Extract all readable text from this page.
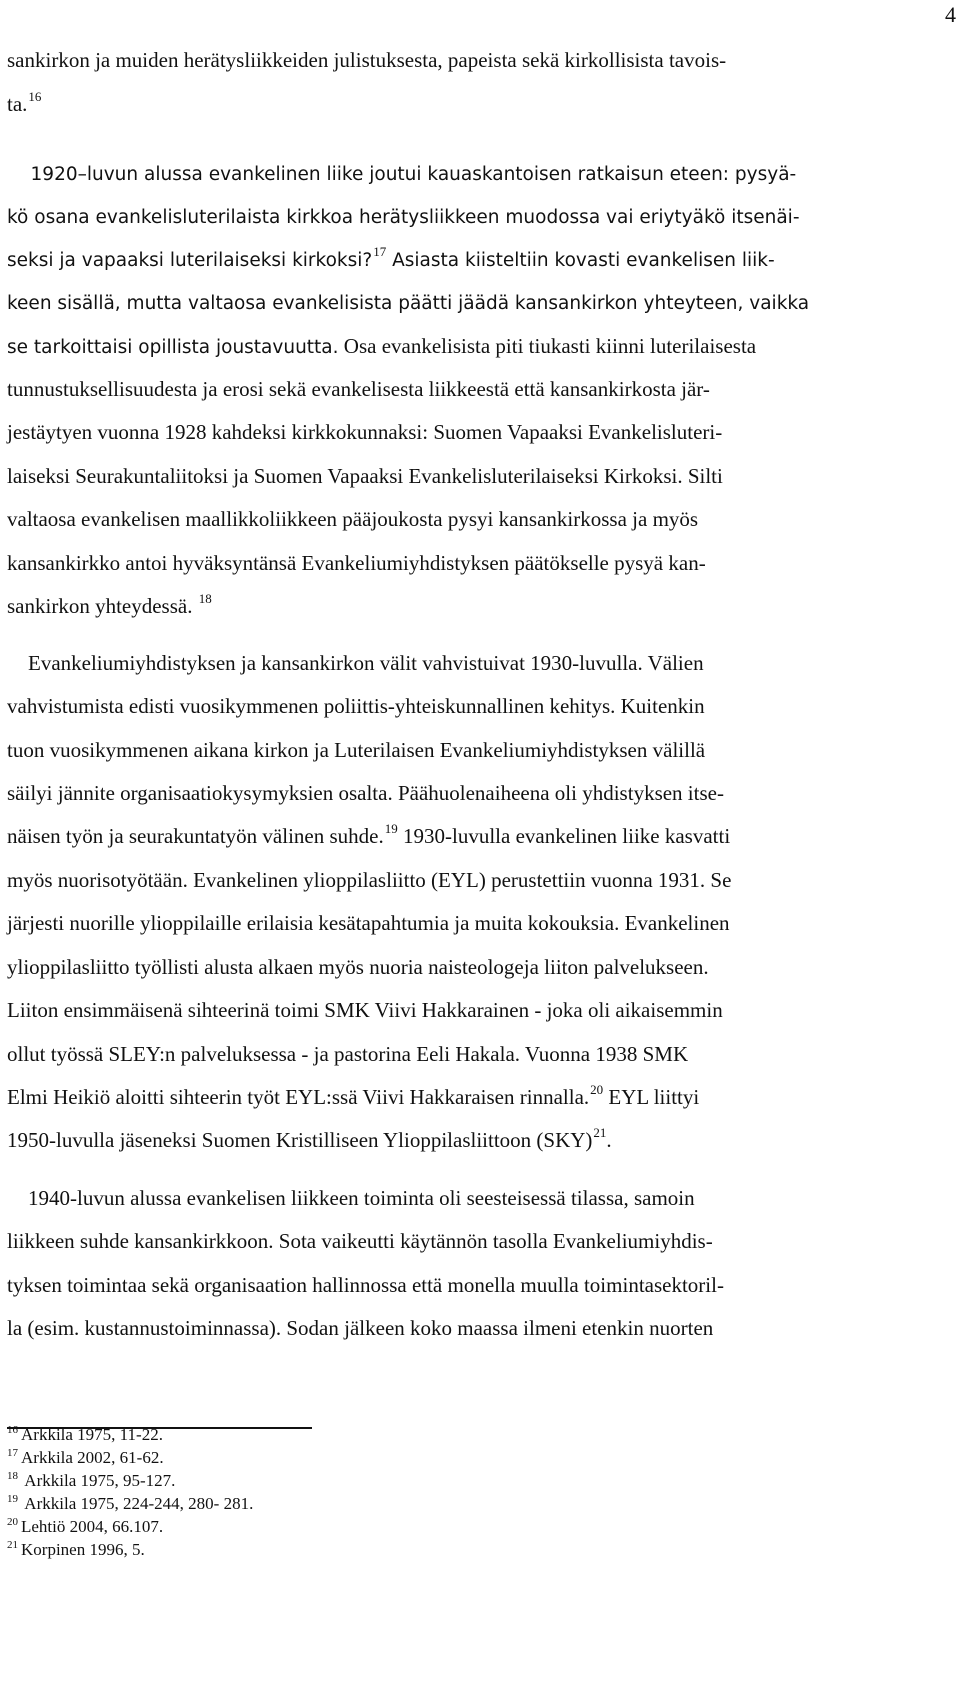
4
sankirkon ja muiden herätysliikkeiden julistuksesta, papeista sekä kirkollisista tavois-
ta.$^{16}$
1920–luvun alussa evankelinen liike joutui kauaskantoisen ratkaisun eteen: pysyä-
kö osana evankelisluterilaista kirkkoa herätysliikkeen muodossa vai eriytyäkö itsenäi-
seksi ja vapaaksi luterilaiseksi kirkoksi?$^{17}$ Asiasta kiisteltiin kovasti evankelisen liik-
keen sisällä, mutta valtaosa evankelisista päätti jäädä kansankirkon yhteyteen, vaikka
se tarkoittaisi opillista joustavuutta. Osa evankelisista piti tiukasti kiinni luterilaisesta
tunnustuksellisuudesta ja erosi sekä evankelisesta liikkeestä että kansankirkosta jär-
jestäytyen vuonna 1928 kahdeksi kirkkokunnaksi: Suomen Vapaaksi Evankelisluteri-
laiseksi Seurakuntaliitoksi ja Suomen Vapaaksi Evankelisluterilaiseksi Kirkoksi. Silti
valtaosa evankelisen maallikkoliikkeen pääjoukosta pysyi kansankirkossa ja myös
kansankirkko antoi hyväksyntänsä Evankeliumiyhdistyksen päätökselle pysyä kan-
sankirkon yhteydessä. $^{18}$
Evankeliumiyhdistyksen ja kansankirkon välit vahvistuivat 1930-luvulla. Välien
vahvistumista edisti vuosikymmenen poliittis-yhteiskunnallinen kehitys. Kuitenkin
tuon vuosikymmenen aikana kirkon ja Luterilaisen Evankeliumiyhdistyksen välillä
säilyi jännite organisaatiokysymyksien osalta. Päähuolenaiheena oli yhdistyksen itse-
näisen työn ja seurakuntatyön välinen suhde.$^{19}$ 1930-luvulla evankelinen liike kasvatti
myös nuorisotyötään. Evankelinen ylioppilasliitto (EYL) perustettiin vuonna 1931. Se
järjesti nuorille ylioppilaille erilaisia kesätapahtumia ja muita kokouksia. Evankelinen
ylioppilasliitto työllisti alusta alkaen myös nuoria naisteologeja liiton palvelukseen.
Liiton ensimmäisenä sihteerinä toimi SMK Viivi Hakkarainen - joka oli aikaisemmin
ollut työssä SLEY:n palveluksessa - ja pastorina Eeli Hakala. Vuonna 1938 SMK
Elmi Heikiö aloitti sihteerin työt EYL:ssä Viivi Hakkaraisen rinnalla.$^{20}$ EYL liittyi
1950-luvulla jäseneksi Suomen Kristilliseen Ylioppilasliittoon (SKY)$^{21}$.
1940-luvun alussa evankelisen liikkeen toiminta oli seesteisessä tilassa, samoin
liikkeen suhde kansankirkkoon. Sota vaikeutti käytännön tasolla Evankeliumiyhdis-
tyksen toimintaa sekä organisaation hallinnossa että monella muulla toimintasektoril-
la (esim. kustannustoiminnassa). Sodan jälkeen koko maassa ilmeni etenkin nuorten
$^{16}$ Arkkila 1975, 11-22.
$^{17}$ Arkkila 2002, 61-62.
$^{18}$ Arkkila 1975, 95-127.
$^{19}$ Arkkila 1975, 224-244, 280- 281.
$^{20}$ Lehtiö 2004, 66.107.
$^{21}$ Korpinen 1996, 5.
